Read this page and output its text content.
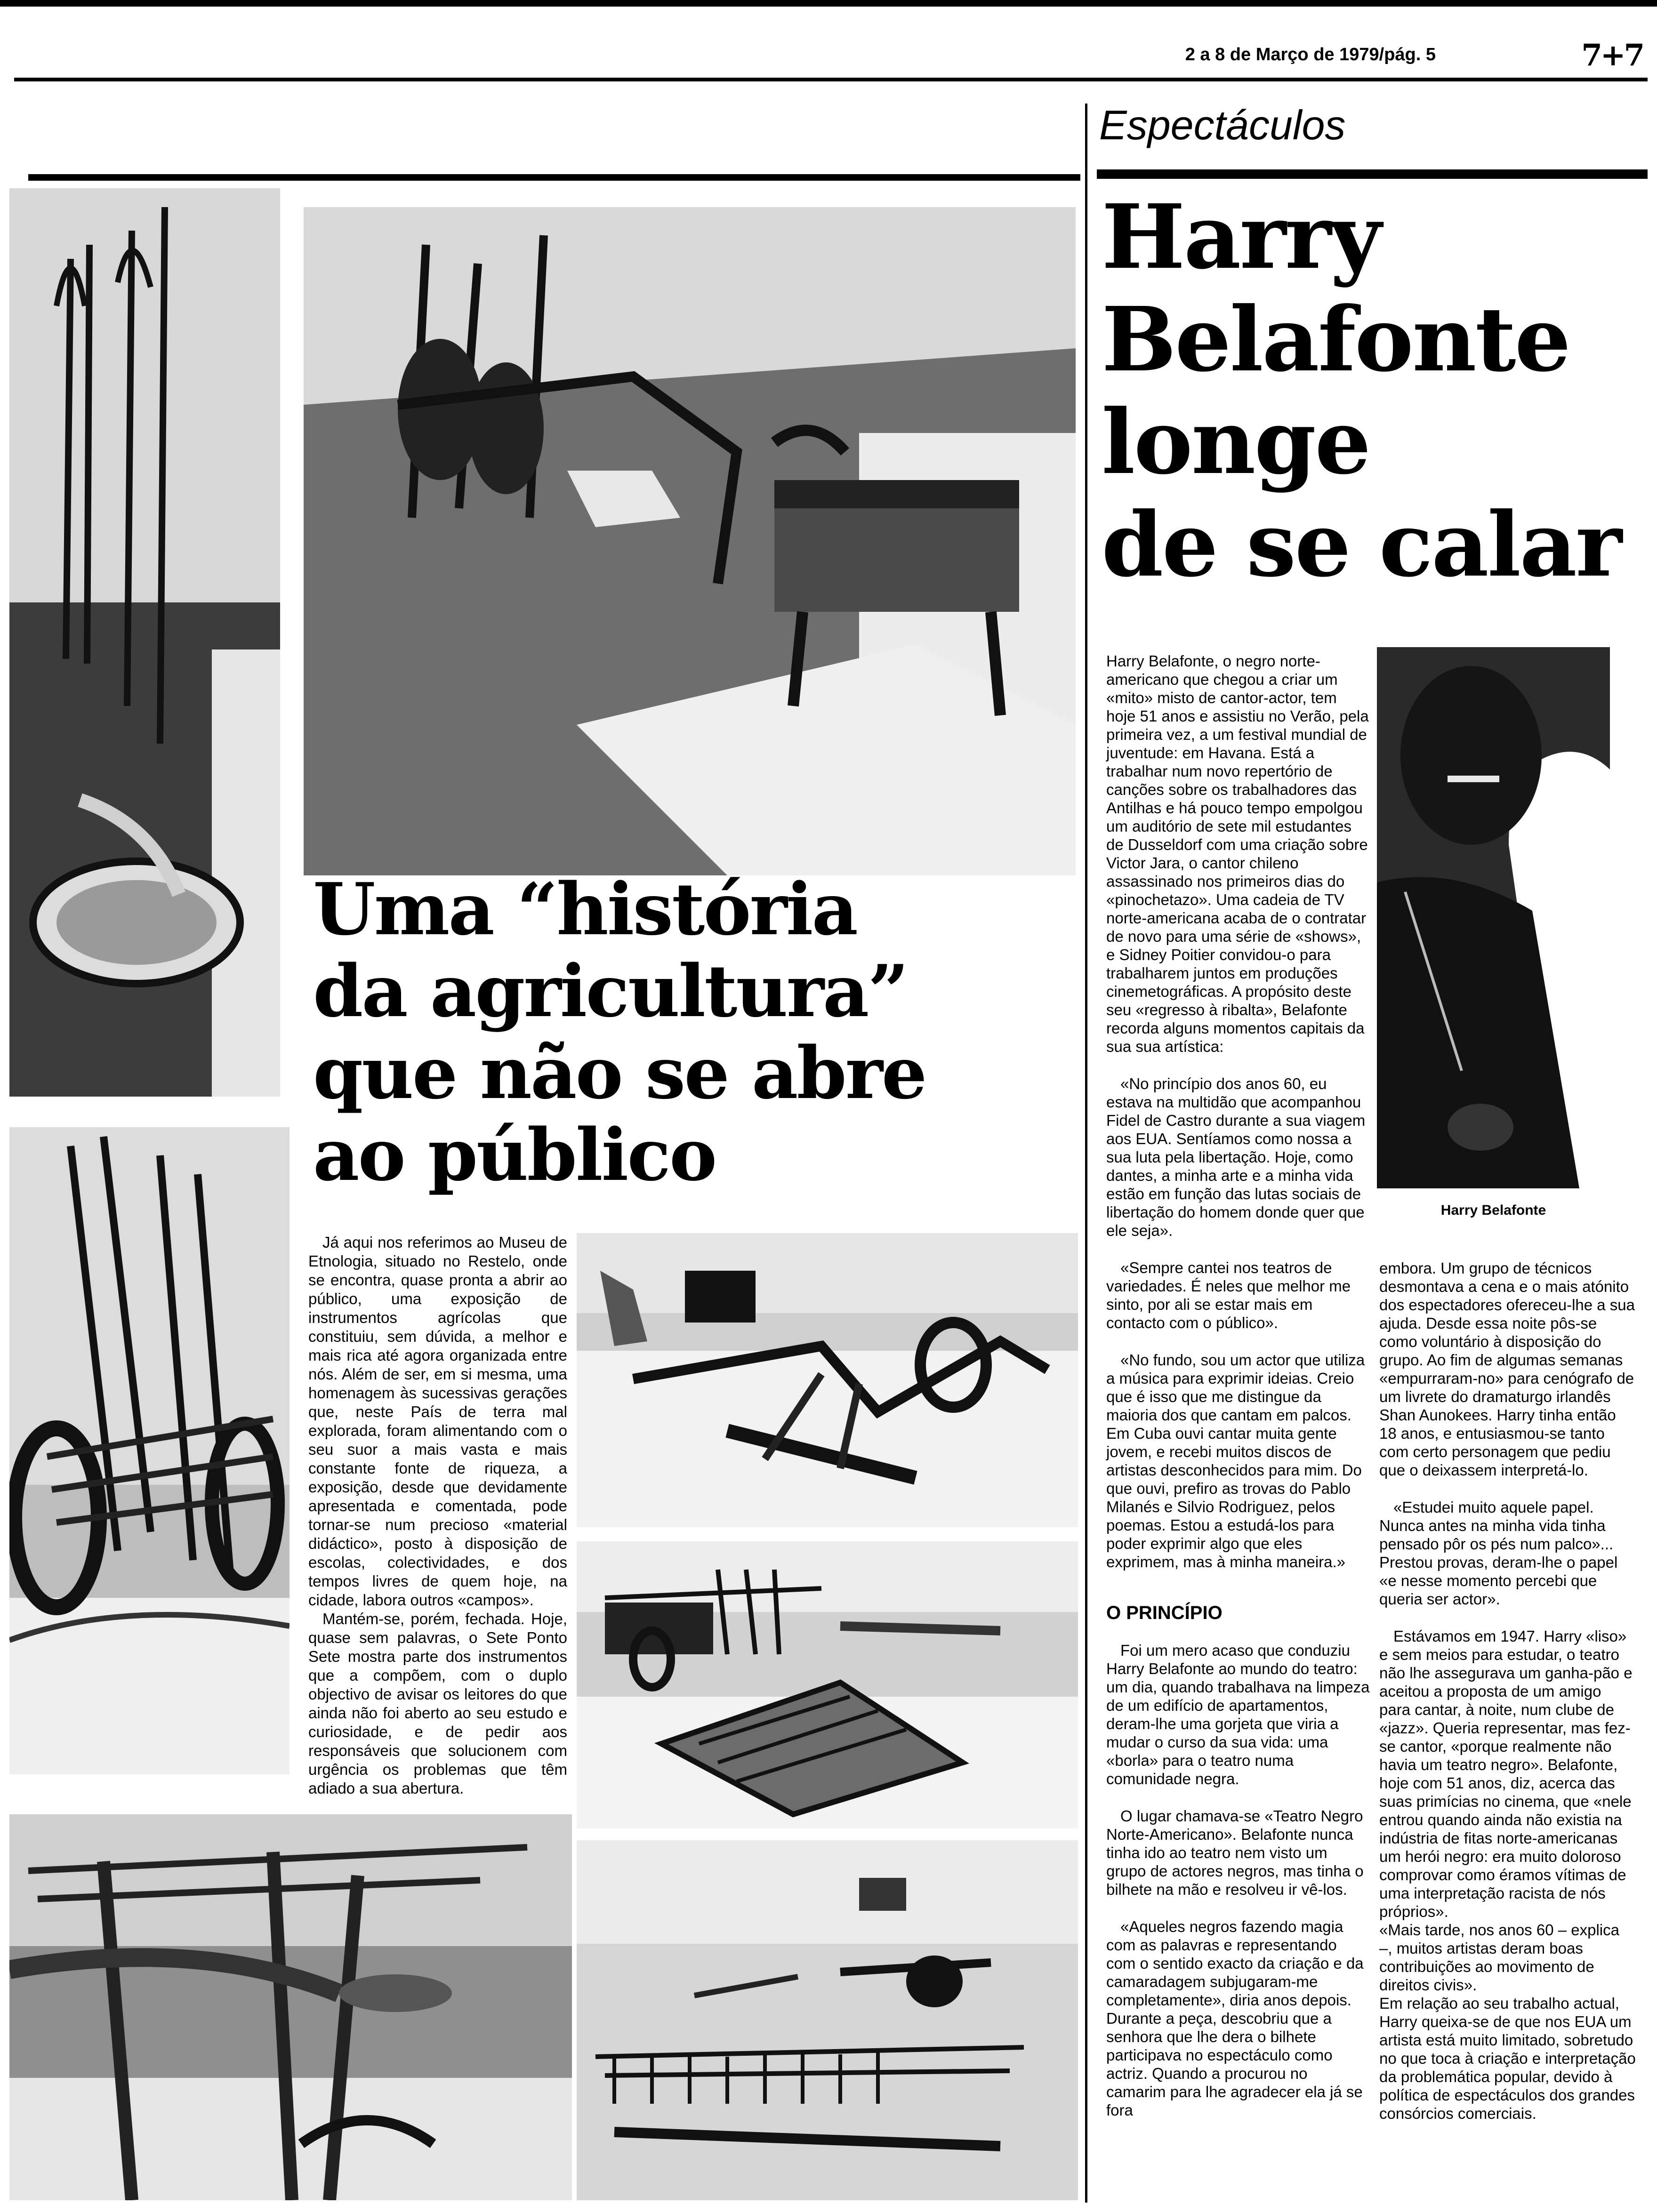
2 a 8 de Março de 1979/pág. 5	7+7
Espectáculos
Harry
Belafonte
longe
de se calar
Uma “história
da agricultura”
que não se abre
ao público

Já aqui nos referimos ao Museu de Etnologia, situado no Restelo, onde se encontra, quase pronta a abrir ao público, uma exposição de instrumentos agrícolas que constituiu, sem dúvida, a melhor e mais rica até agora organizada entre nós. Além de ser, em si mesma, uma homenagem às sucessivas gerações que, neste País de terra mal explorada, foram alimentando com o seu suor a mais vasta e mais constante fonte de riqueza, a exposição, desde que devidamente apresentada e comentada, pode tornar-se num precioso «material didáctico», posto à disposição de escolas, colectividades, e dos tempos livres de quem hoje, na cidade, labora outros «campos».

Mantém-se, porém, fechada. Hoje, quase sem palavras, o Sete Ponto Sete mostra parte dos instrumentos que a compõem, com o duplo objectivo de avisar os leitores do que ainda não foi aberto ao seu estudo e curiosidade, e de pedir aos responsáveis que solucionem com urgência os problemas que têm adiado a sua abertura.

Harry Belafonte, o negro norte-americano que chegou a criar um «mito» misto de cantor-actor, tem hoje 51 anos e assistiu no Verão, pela primeira vez, a um festival mundial de juventude: em Havana. Está a trabalhar num novo repertório de canções sobre os trabalhadores das Antilhas e há pouco tempo empolgou um auditório de sete mil estudantes de Dusseldorf com uma criação sobre Victor Jara, o cantor chileno assassinado nos primeiros dias do «pinochetazo». Uma cadeia de TV norte-americana acaba de o contratar de novo para uma série de «shows», e Sidney Poitier convidou-o para trabalharem juntos em produções cinemetográficas. A propósito deste seu «regresso à ribalta», Belafonte recorda alguns momentos capitais da sua sua artística:

«No princípio dos anos 60, eu estava na multidão que acompanhou Fidel de Castro durante a sua viagem aos EUA. Sentíamos como nossa a sua luta pela libertação. Hoje, como dantes, a minha arte e a minha vida estão em função das lutas sociais de libertação do homem donde quer que ele seja».

«Sempre cantei nos teatros de variedades. É neles que melhor me sinto, por ali se estar mais em contacto com o público».

«No fundo, sou um actor que utiliza a música para exprimir ideias. Creio que é isso que me distingue da maioria dos que cantam em palcos. Em Cuba ouvi cantar muita gente jovem, e recebi muitos discos de artistas desconhecidos para mim. Do que ouvi, prefiro as trovas do Pablo Milanés e Silvio Rodriguez, pelos poemas. Estou a estudá-los para poder exprimir algo que eles exprimem, mas à minha maneira.»

O PRINCÍPIO

Foi um mero acaso que conduziu Harry Belafonte ao mundo do teatro: um dia, quando trabalhava na limpeza de um edifício de apartamentos, deram-lhe uma gorjeta que viria a mudar o curso da sua vida: uma «borla» para o teatro numa comunidade negra.

O lugar chamava-se «Teatro Negro Norte-Americano». Belafonte nunca tinha ido ao teatro nem visto um grupo de actores negros, mas tinha o bilhete na mão e resolveu ir vê-los.

«Aqueles negros fazendo magia com as palavras e representando com o sentido exacto da criação e da camaradagem subjugaram-me completamente», diria anos depois. Durante a peça, descobriu que a senhora que lhe dera o bilhete participava no espectáculo como actriz. Quando a procurou no camarim para lhe agradecer ela já se fora

Harry Belafonte

embora. Um grupo de técnicos desmontava a cena e o mais atónito dos espectadores ofereceu-lhe a sua ajuda. Desde essa noite pôs-se como voluntário à disposição do grupo. Ao fim de algumas semanas «empurraram-no» para cenógrafo de um livrete do dramaturgo irlandês Shan Aunokees. Harry tinha então 18 anos, e entusiasmou-se tanto com certo personagem que pediu que o deixassem interpretá-lo.

«Estudei muito aquele papel. Nunca antes na minha vida tinha pensado pôr os pés num palco»...

Prestou provas, deram-lhe o papel «e nesse momento percebi que queria ser actor».

Estávamos em 1947. Harry «liso» e sem meios para estudar, o teatro não lhe assegurava um ganha-pão e aceitou a proposta de um amigo para cantar, à noite, num clube de «jazz». Queria representar, mas fez-se cantor, «porque realmente não havia um teatro negro». Belafonte, hoje com 51 anos, diz, acerca das suas primícias no cinema, que «nele entrou quando ainda não existia na indústria de fitas norte-americanas um herói negro: era muito doloroso comprovar como éramos vítimas de uma interpretação racista de nós próprios».

«Mais tarde, nos anos 60 – explica –, muitos artistas deram boas contribuições ao movimento de direitos civis».

Em relação ao seu trabalho actual, Harry queixa-se de que nos EUA um artista está muito limitado, sobretudo no que toca à criação e interpretação da problemática popular, devido à política de espectáculos dos grandes consórcios comerciais.
